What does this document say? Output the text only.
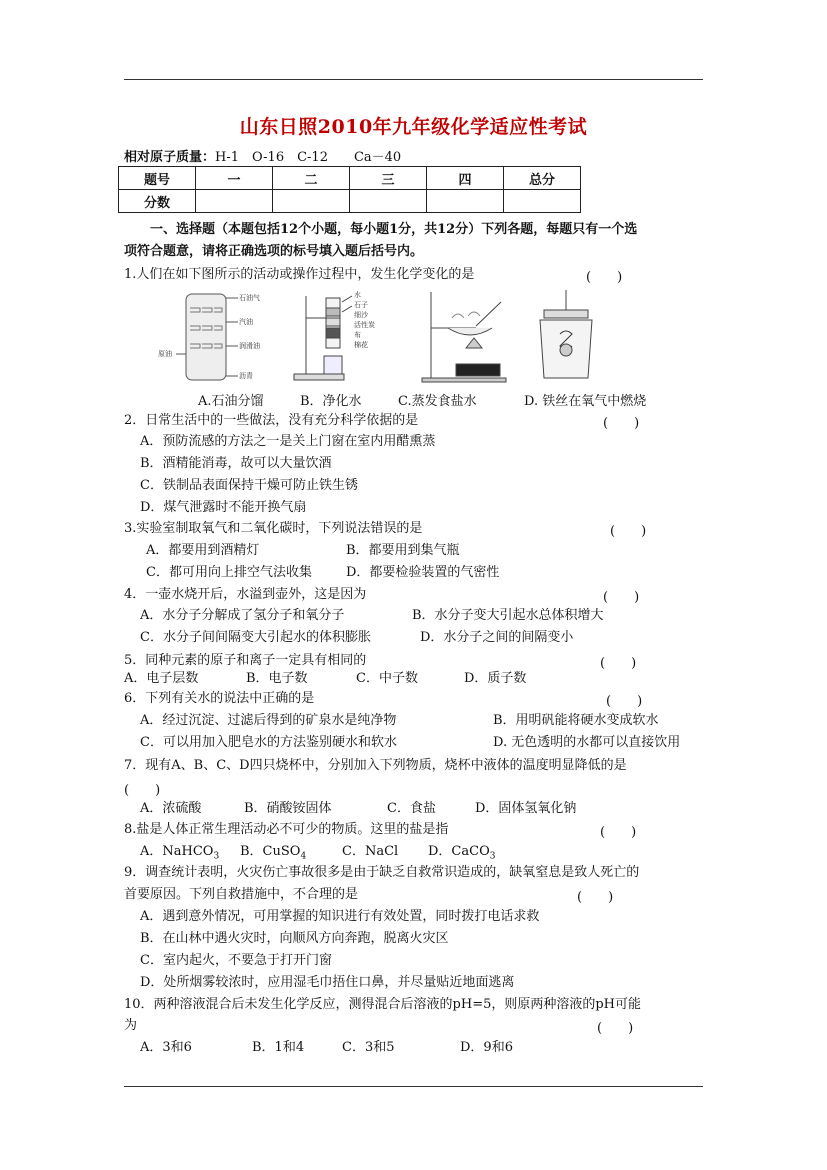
山东日照2010年九年级化学适应性考试
相对原子质量：H-1　O-16　C-12　　Ca－40
题号	一	二	三	四	总分
分数					
一、选择题（本题包括12个小题，每小题1分，共12分）下列各题，每题只有一个选
项符合题意，请将正确选项的标号填入题后括号内。
1.人们在如下图所示的活动或操作过程中，发生化学变化的是	(　　)
石油气
汽油
润滑油
原油
沥青
水
石子
细沙
活性炭
布
棉花
A.石油分馏	B．净化水	C.蒸发食盐水	D. 铁丝在氧气中燃烧
2．日常生活中的一些做法，没有充分科学依据的是	(　　)
A．预防流感的方法之一是关上门窗在室内用醋熏蒸
B．酒精能消毒，故可以大量饮酒
C．铁制品表面保持干燥可防止铁生锈
D．煤气泄露时不能开换气扇
3.实验室制取氧气和二氧化碳时，下列说法错误的是	(　　)
A．都要用到酒精灯	B．都要用到集气瓶
C．都可用向上排空气法收集	D．都要检验装置的气密性
4．一壶水烧开后，水溢到壶外，这是因为	(　　)
A．水分子分解成了氢分子和氧分子	B．水分子变大引起水总体积增大
C．水分子间间隔变大引起水的体积膨胀	D．水分子之间的间隔变小
5．同种元素的原子和离子一定具有相同的	(　　)
A．电子层数	B．电子数	C．中子数	D．质子数
6．下列有关水的说法中正确的是	(　　)
A．经过沉淀、过滤后得到的矿泉水是纯净物	B．用明矾能将硬水变成软水
C．可以用加入肥皂水的方法鉴别硬水和软水	D. 无色透明的水都可以直接饮用
7．现有A、B、C、D四只烧杯中，分别加入下列物质，烧杯中液体的温度明显降低的是
(　　)
A．浓硫酸	B．硝酸铵固体	C．食盐	D．固体氢氧化钠
8.盐是人体正常生理活动必不可少的物质。这里的盐是指	(　　)
A．NaHCO$_3$ B．CuSO$_4$	C．NaCl D．CaCO$_3$
9．调查统计表明，火灾伤亡事故很多是由于缺乏自救常识造成的，缺氧窒息是致人死亡的
首要原因。下列自救措施中，不合理的是	(　　)
A．遇到意外情况，可用掌握的知识进行有效处置，同时拨打电话求救
B．在山林中遇火灾时，向顺风方向奔跑，脱离火灾区
C．室内起火，不要急于打开门窗
D．处所烟雾较浓时，应用湿毛巾捂住口鼻，并尽量贴近地面逃离
10．两种溶液混合后未发生化学反应，测得混合后溶液的pH=5，则原两种溶液的pH可能
为	(　　)
A．3和6	B．1和4	C．3和5	D．9和6
